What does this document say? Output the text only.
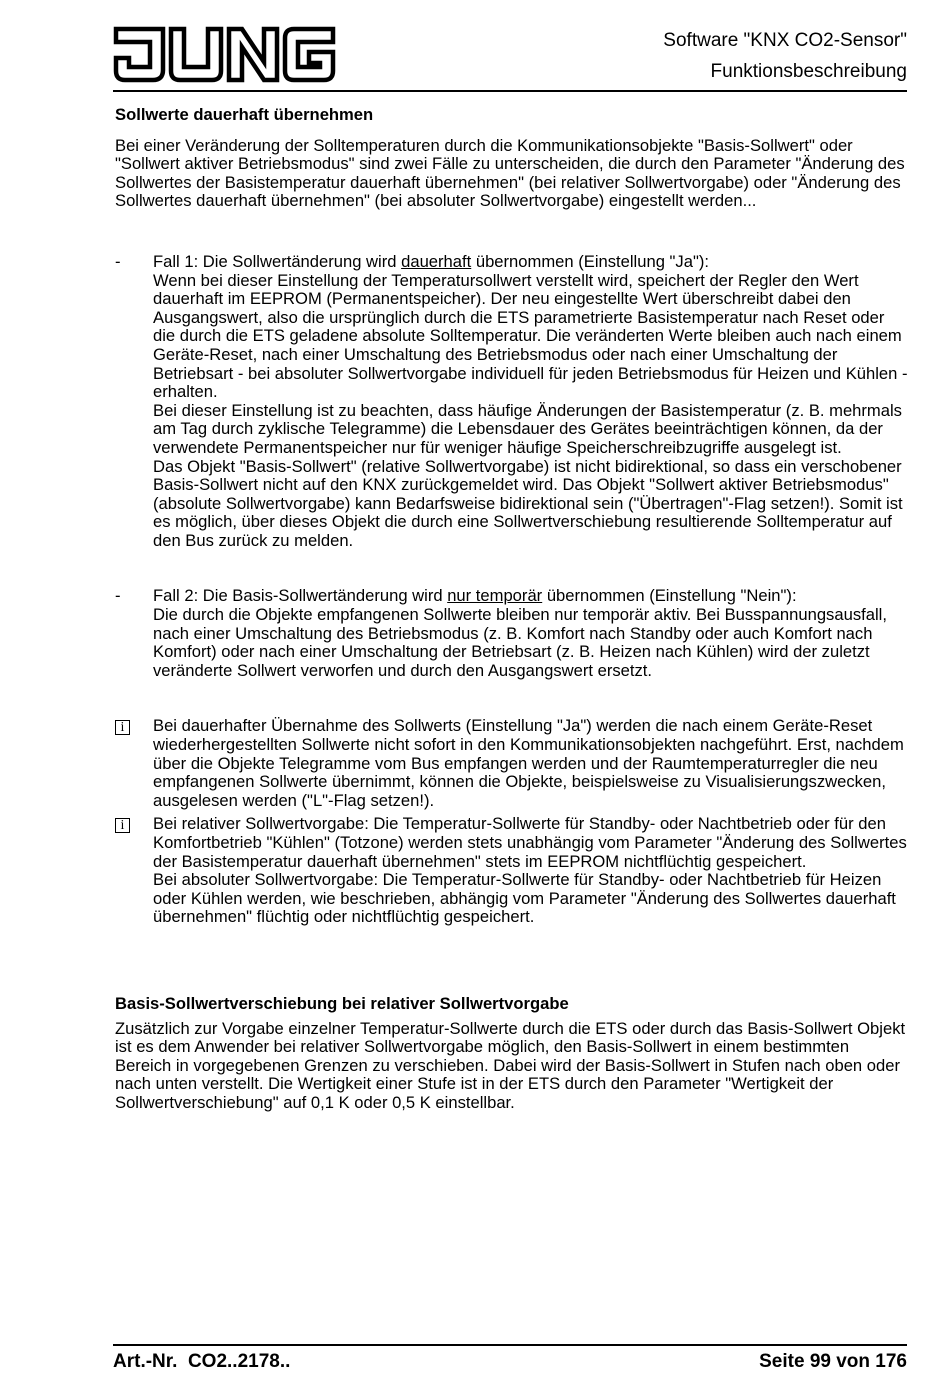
Software "KNX CO2-Sensor"
Funktionsbeschreibung

Sollwerte dauerhaft übernehmen

Bei einer Veränderung der Solltemperaturen durch die Kommunikationsobjekte "Basis-Sollwert" oder "Sollwert aktiver Betriebsmodus" sind zwei Fälle zu unterscheiden, die durch den Parameter "Änderung des Sollwertes der Basistemperatur dauerhaft übernehmen" (bei relativer Sollwertvorgabe) oder "Änderung des Sollwertes dauerhaft übernehmen" (bei absoluter Sollwertvorgabe) eingestellt werden...

-	Fall 1: Die Sollwertänderung wird dauerhaft übernommen (Einstellung "Ja"):
Wenn bei dieser Einstellung der Temperatursollwert verstellt wird, speichert der Regler den Wert dauerhaft im EEPROM (Permanentspeicher). Der neu eingestellte Wert überschreibt dabei den Ausgangswert, also die ursprünglich durch die ETS parametrierte Basistemperatur nach Reset oder die durch die ETS geladene absolute Solltemperatur. Die veränderten Werte bleiben auch nach einem Geräte-Reset, nach einer Umschaltung des Betriebsmodus oder nach einer Umschaltung der Betriebsart - bei absoluter Sollwertvorgabe individuell für jeden Betriebsmodus für Heizen und Kühlen - erhalten.
Bei dieser Einstellung ist zu beachten, dass häufige Änderungen der Basistemperatur (z. B. mehrmals am Tag durch zyklische Telegramme) die Lebensdauer des Gerätes beeinträchtigen können, da der verwendete Permanentspeicher nur für weniger häufige Speicherschreibzugriffe ausgelegt ist.
Das Objekt "Basis-Sollwert" (relative Sollwertvorgabe) ist nicht bidirektional, so dass ein verschobener Basis-Sollwert nicht auf den KNX zurückgemeldet wird. Das Objekt "Sollwert aktiver Betriebsmodus" (absolute Sollwertvorgabe) kann Bedarfsweise bidirektional sein ("Übertragen"-Flag setzen!). Somit ist es möglich, über dieses Objekt die durch eine Sollwertverschiebung resultierende Solltemperatur auf den Bus zurück zu melden.
-	Fall 2: Die Basis-Sollwertänderung wird nur temporär übernommen (Einstellung "Nein"):
Die durch die Objekte empfangenen Sollwerte bleiben nur temporär aktiv. Bei Busspannungsausfall, nach einer Umschaltung des Betriebsmodus (z. B. Komfort nach Standby oder auch Komfort nach Komfort) oder nach einer Umschaltung der Betriebsart (z. B. Heizen nach Kühlen) wird der zuletzt veränderte Sollwert verworfen und durch den Ausgangswert ersetzt.
i	Bei dauerhafter Übernahme des Sollwerts (Einstellung "Ja") werden die nach einem Geräte-Reset wiederhergestellten Sollwerte nicht sofort in den Kommunikationsobjekten nachgeführt. Erst, nachdem über die Objekte Telegramme vom Bus empfangen werden und der Raumtemperaturregler die neu empfangenen Sollwerte übernimmt, können die Objekte, beispielsweise zu Visualisierungszwecken, ausgelesen werden ("L"-Flag setzen!).
i	Bei relativer Sollwertvorgabe: Die Temperatur-Sollwerte für Standby- oder Nachtbetrieb oder für den Komfortbetrieb "Kühlen" (Totzone) werden stets unabhängig vom Parameter "Änderung des Sollwertes der Basistemperatur dauerhaft übernehmen" stets im EEPROM nichtflüchtig gespeichert.
Bei absoluter Sollwertvorgabe: Die Temperatur-Sollwerte für Standby- oder Nachtbetrieb für Heizen oder Kühlen werden, wie beschrieben, abhängig vom Parameter "Änderung des Sollwertes dauerhaft übernehmen" flüchtig oder nichtflüchtig gespeichert.

Basis-Sollwertverschiebung bei relativer Sollwertvorgabe

Zusätzlich zur Vorgabe einzelner Temperatur-Sollwerte durch die ETS oder durch das Basis-Sollwert Objekt ist es dem Anwender bei relativer Sollwertvorgabe möglich, den Basis-Sollwert in einem bestimmten Bereich in vorgegebenen Grenzen zu verschieben. Dabei wird der Basis-Sollwert in Stufen nach oben oder nach unten verstellt. Die Wertigkeit einer Stufe ist in der ETS durch den Parameter "Wertigkeit der Sollwertverschiebung" auf 0,1 K oder 0,5 K einstellbar.

Art.-Nr.  CO2..2178..	Seite 99 von 176
